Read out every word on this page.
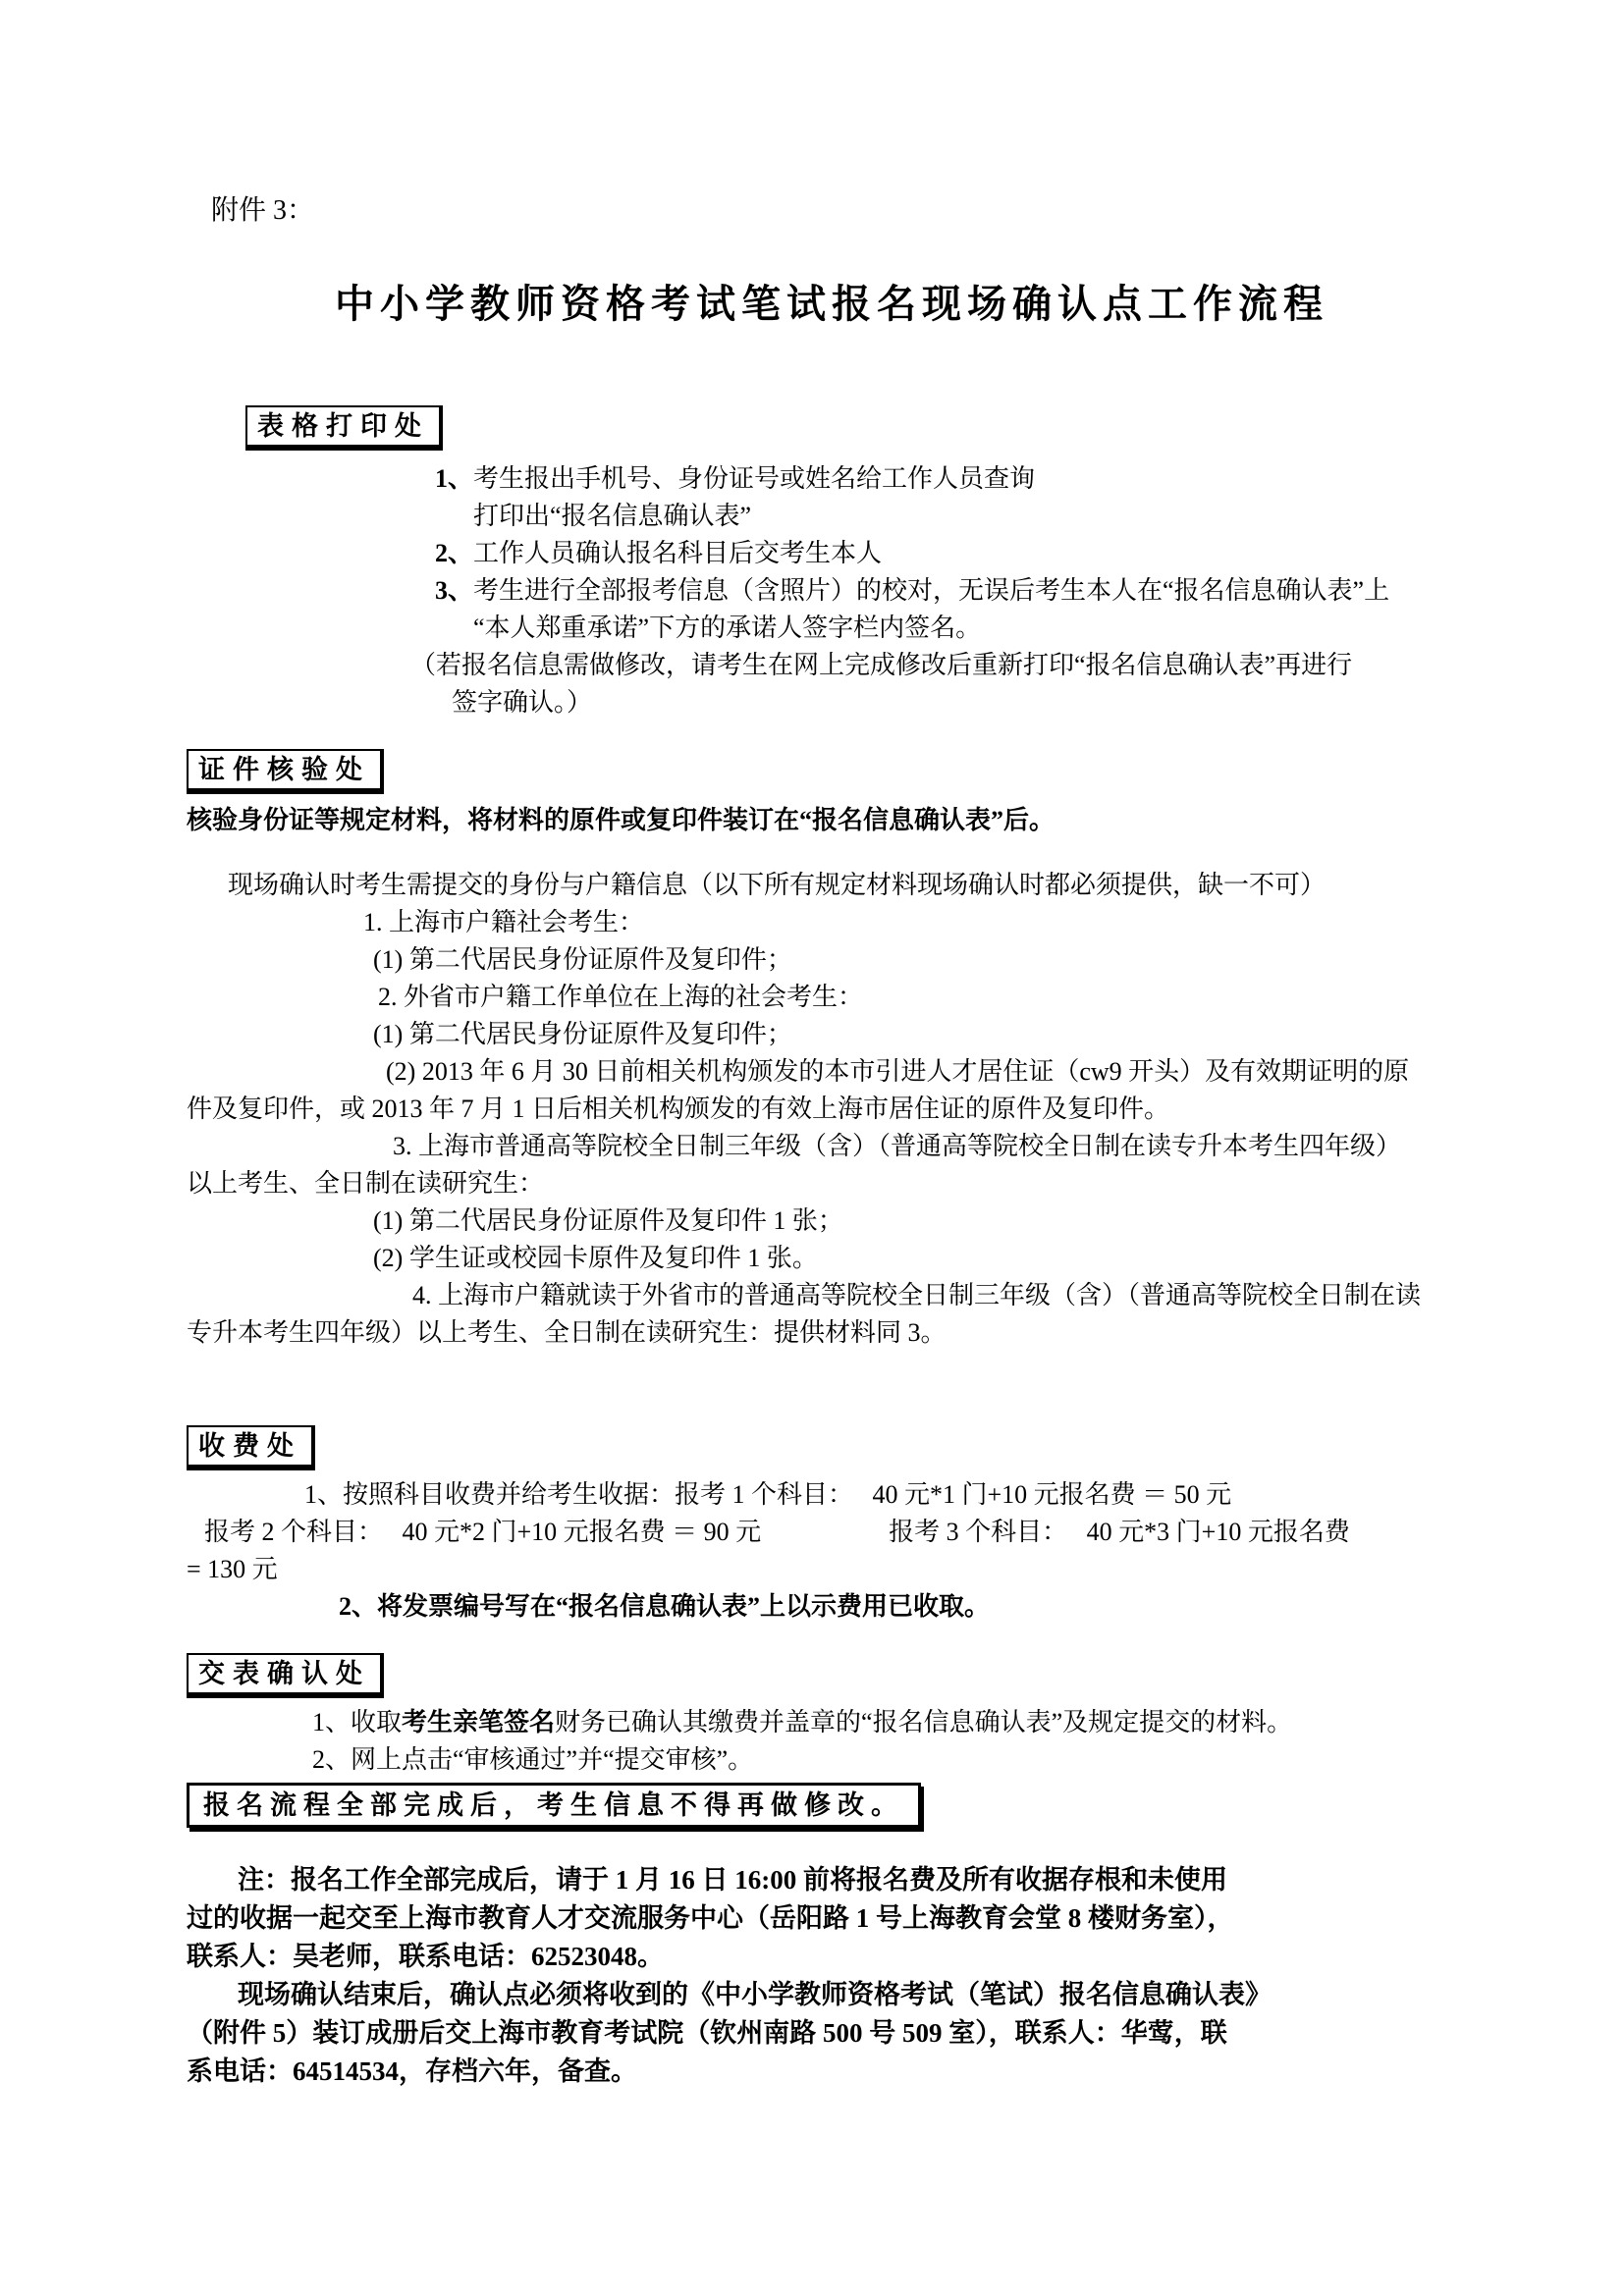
附件 3：
中小学教师资格考试笔试报名现场确认点工作流程
表格打印处
1、考生报出手机号、身份证号或姓名给工作人员查询
打印出“报名信息确认表”
2、工作人员确认报名科目后交考生本人
3、考生进行全部报考信息（含照片）的校对，无误后考生本人在“报名信息确认表”上
“本人郑重承诺”下方的承诺人签字栏内签名。
（若报名信息需做修改，请考生在网上完成修改后重新打印“报名信息确认表”再进行
签字确认。）
证件核验处
核验身份证等规定材料，将材料的原件或复印件装订在“报名信息确认表”后。
现场确认时考生需提交的身份与户籍信息（以下所有规定材料现场确认时都必须提供，缺一不可）
1. 上海市户籍社会考生：
(1) 第二代居民身份证原件及复印件；
2. 外省市户籍工作单位在上海的社会考生：
(1) 第二代居民身份证原件及复印件；
(2) 2013 年 6 月 30 日前相关机构颁发的本市引进人才居住证（cw9 开头）及有效期证明的原
件及复印件，或 2013 年 7 月 1 日后相关机构颁发的有效上海市居住证的原件及复印件。
3. 上海市普通高等院校全日制三年级（含）（普通高等院校全日制在读专升本考生四年级）
以上考生、全日制在读研究生：
(1) 第二代居民身份证原件及复印件 1 张；
(2) 学生证或校园卡原件及复印件 1 张。
4. 上海市户籍就读于外省市的普通高等院校全日制三年级（含）（普通高等院校全日制在读
专升本考生四年级）以上考生、全日制在读研究生：提供材料同 3。
收费处
1、按照科目收费并给考生收据：报考 1 个科目：　 40 元*1 门+10 元报名费 ＝ 50 元
报考 2 个科目：　 40 元*2 门+10 元报名费 ＝ 90 元　　　　　报考 3 个科目：　 40 元*3 门+10 元报名费
= 130 元
2、将发票编号写在“报名信息确认表”上以示费用已收取。
交表确认处
1、收取考生亲笔签名财务已确认其缴费并盖章的“报名信息确认表”及规定提交的材料。
2、网上点击“审核通过”并“提交审核”。
报名流程全部完成后，考生信息不得再做修改。
注：报名工作全部完成后，请于 1 月 16 日 16:00 前将报名费及所有收据存根和未使用
过的收据一起交至上海市教育人才交流服务中心（岳阳路 1 号上海教育会堂 8 楼财务室），
联系人：吴老师，联系电话：62523048。
现场确认结束后，确认点必须将收到的《中小学教师资格考试（笔试）报名信息确认表》
（附件 5）装订成册后交上海市教育考试院（钦州南路 500 号 509 室），联系人：华莺，联
系电话：64514534，存档六年，备查。
